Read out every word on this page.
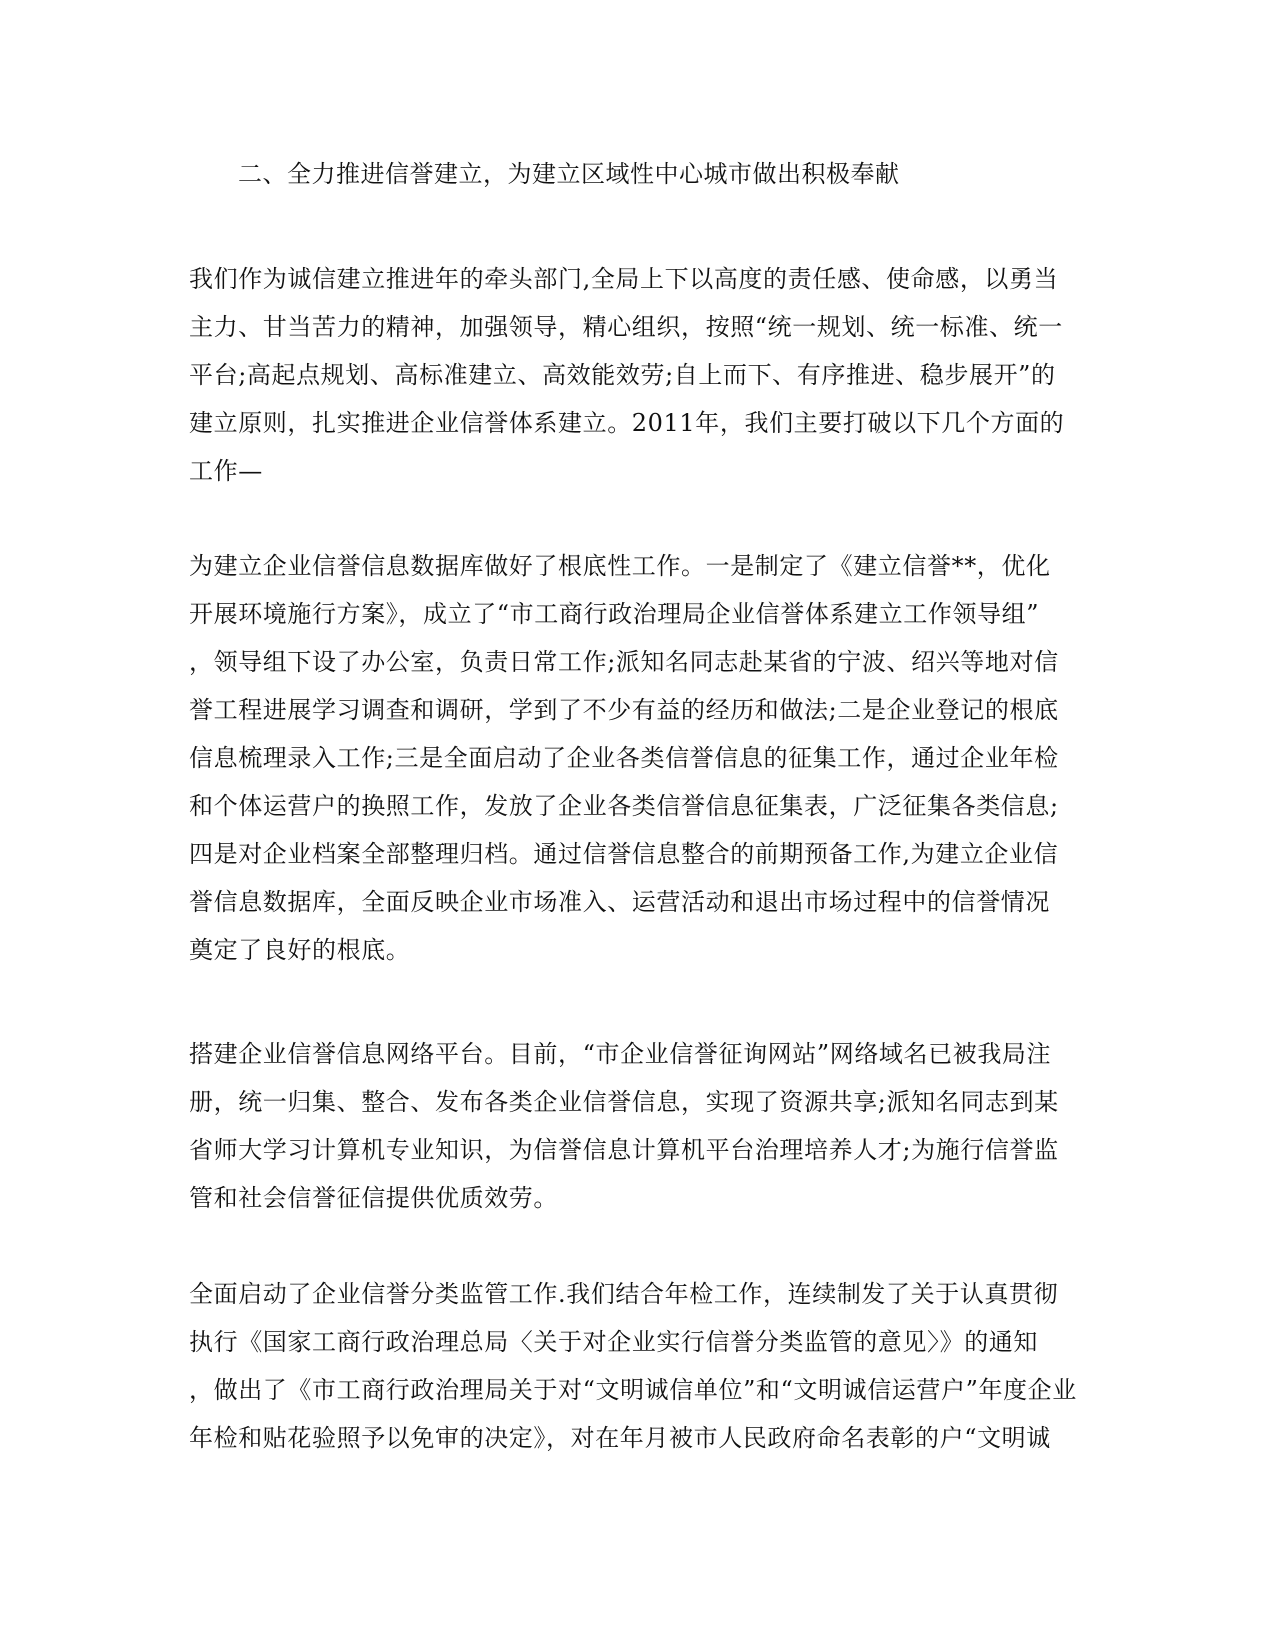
二、全力推进信誉建立，为建立区域性中心城市做出积极奉献
我们作为诚信建立推进年的牵头部门,全局上下以高度的责任感、使命感，以勇当
主力、甘当苦力的精神，加强领导，精心组织，按照“统一规划、统一标准、统一
平台;高起点规划、高标准建立、高效能效劳;自上而下、有序推进、稳步展开”的
建立原则，扎实推进企业信誉体系建立。2011年，我们主要打破以下几个方面的
工作—
为建立企业信誉信息数据库做好了根底性工作。一是制定了《建立信誉**，优化
开展环境施行方案》，成立了“市工商行政治理局企业信誉体系建立工作领导组”
，领导组下设了办公室，负责日常工作;派知名同志赴某省的宁波、绍兴等地对信
誉工程进展学习调查和调研，学到了不少有益的经历和做法;二是企业登记的根底
信息梳理录入工作;三是全面启动了企业各类信誉信息的征集工作，通过企业年检
和个体运营户的换照工作，发放了企业各类信誉信息征集表，广泛征集各类信息;
四是对企业档案全部整理归档。通过信誉信息整合的前期预备工作,为建立企业信
誉信息数据库，全面反映企业市场准入、运营活动和退出市场过程中的信誉情况
奠定了良好的根底。
搭建企业信誉信息网络平台。目前，“市企业信誉征询网站”网络域名已被我局注
册，统一归集、整合、发布各类企业信誉信息，实现了资源共享;派知名同志到某
省师大学习计算机专业知识，为信誉信息计算机平台治理培养人才;为施行信誉监
管和社会信誉征信提供优质效劳。
全面启动了企业信誉分类监管工作.我们结合年检工作，连续制发了关于认真贯彻
执行《国家工商行政治理总局〈关于对企业实行信誉分类监管的意见〉》的通知
，做出了《市工商行政治理局关于对“文明诚信单位”和“文明诚信运营户”年度企业
年检和贴花验照予以免审的决定》，对在年月被市人民政府命名表彰的户“文明诚
